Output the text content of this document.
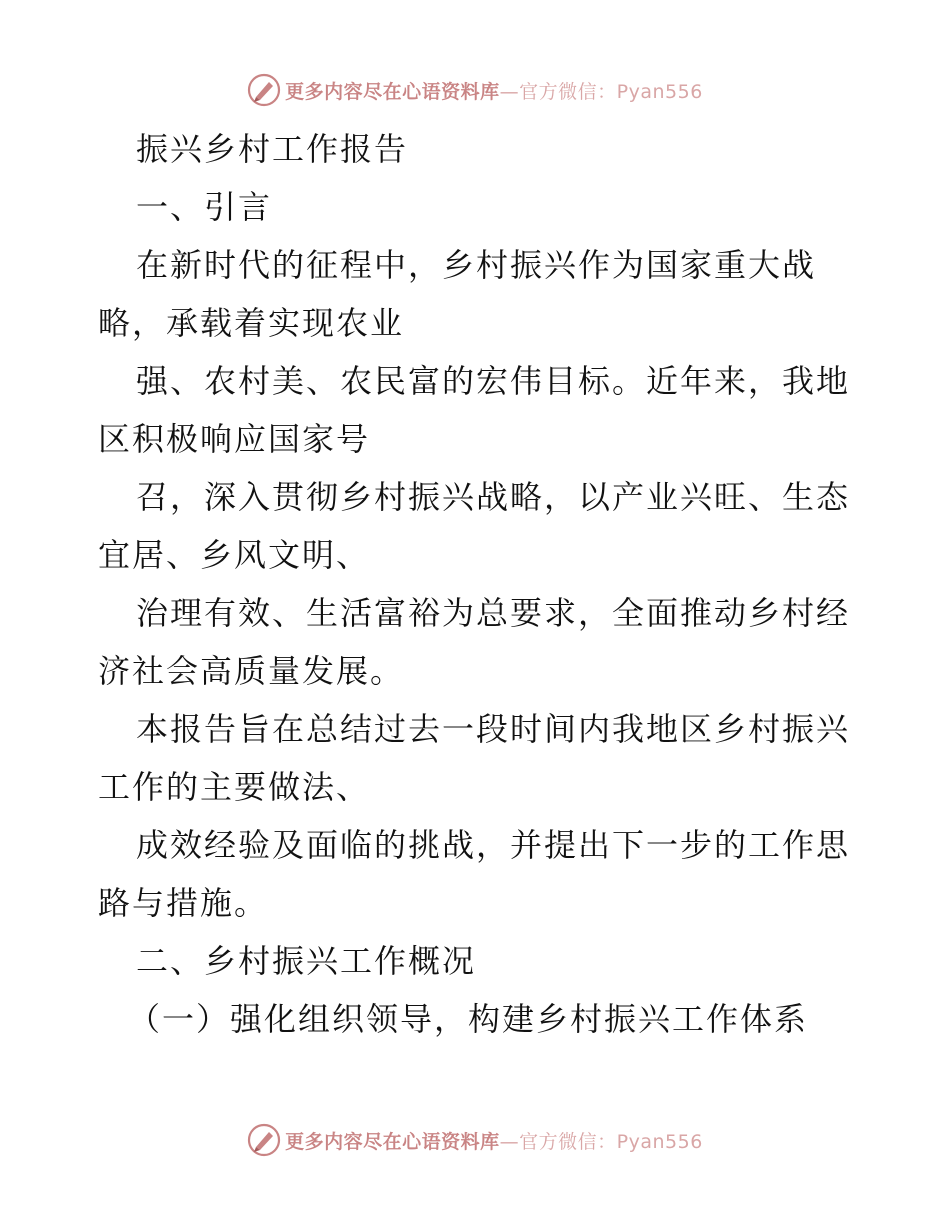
更多内容尽在心语资料库—官方微信：Pyan556
振兴乡村工作报告
一、引言
在新时代的征程中，乡村振兴作为国家重大战
略，承载着实现农业
强、农村美、农民富的宏伟目标。近年来，我地
区积极响应国家号
召，深入贯彻乡村振兴战略，以产业兴旺、生态
宜居、乡风文明、
治理有效、生活富裕为总要求，全面推动乡村经
济社会高质量发展。
本报告旨在总结过去一段时间内我地区乡村振兴
工作的主要做法、
成效经验及面临的挑战，并提出下一步的工作思
路与措施。
二、乡村振兴工作概况
（一）强化组织领导，构建乡村振兴工作体系
更多内容尽在心语资料库—官方微信：Pyan556
